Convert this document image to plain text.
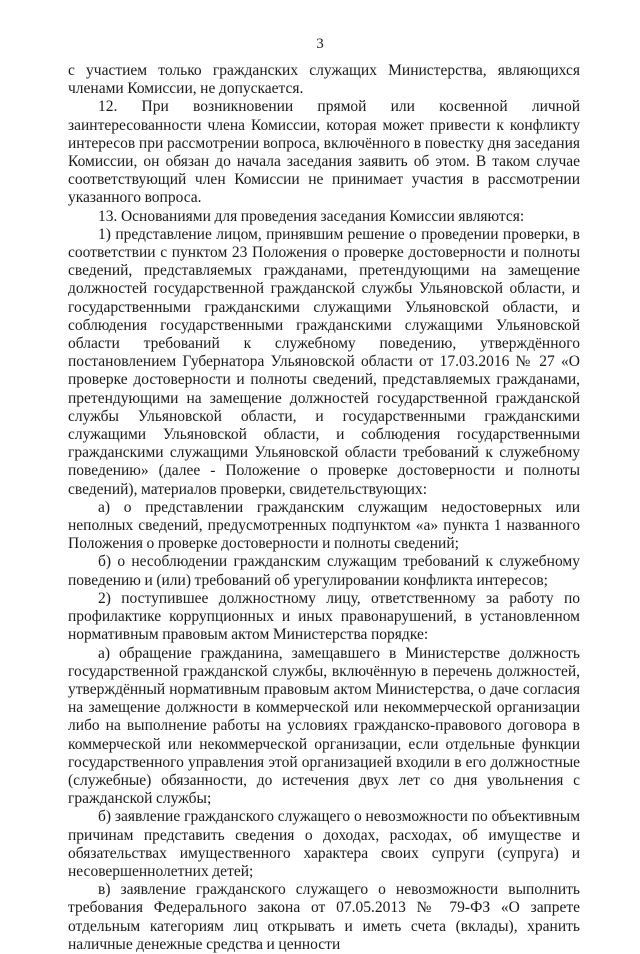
3

с участием только гражданских служащих Министерства, являющихся членами Комиссии, не допускается.

12. При возникновении прямой или косвенной личной заинтересованности члена Комиссии, которая может привести к конфликту интересов при рассмотрении вопроса, включённого в повестку дня заседания Комиссии, он обязан до начала заседания заявить об этом. В таком случае соответствующий член Комиссии не принимает участия в рассмотрении указанного вопроса.

13. Основаниями для проведения заседания Комиссии являются:

1) представление лицом, принявшим решение о проведении проверки, в соответствии с пунктом 23 Положения о проверке достоверности и полноты сведений, представляемых гражданами, претендующими на замещение должностей государственной гражданской службы Ульяновской области, и государственными гражданскими служащими Ульяновской области, и соблюдения государственными гражданскими служащими Ульяновской области требований к служебному поведению, утверждённого постановлением Губернатора Ульяновской области от 17.03.2016 № 27 «О проверке достоверности и полноты сведений, представляемых гражданами, претендующими на замещение должностей государственной гражданской службы Ульяновской области, и государственными гражданскими служащими Ульяновской области, и соблюдения государственными гражданскими служащими Ульяновской области требований к служебному поведению» (далее - Положение о проверке достоверности и полноты сведений), материалов проверки, свидетельствующих:

а) о представлении гражданским служащим недостоверных или неполных сведений, предусмотренных подпунктом «а» пункта 1 названного Положения о проверке достоверности и полноты сведений;

б) о несоблюдении гражданским служащим требований к служебному поведению и (или) требований об урегулировании конфликта интересов;

2) поступившее должностному лицу, ответственному за работу по профилактике коррупционных и иных правонарушений, в установленном нормативным правовым актом Министерства порядке:

а) обращение гражданина, замещавшего в Министерстве должность государственной гражданской службы, включённую в перечень должностей, утверждённый нормативным правовым актом Министерства, о даче согласия на замещение должности в коммерческой или некоммерческой организации либо на выполнение работы на условиях гражданско-правового договора в коммерческой или некоммерческой организации, если отдельные функции государственного управления этой организацией входили в его должностные (служебные) обязанности, до истечения двух лет со дня увольнения с гражданской службы;

б) заявление гражданского служащего о невозможности по объективным причинам представить сведения о доходах, расходах, об имуществе и обязательствах имущественного характера своих супруги (супруга) и несовершеннолетних детей;

в) заявление гражданского служащего о невозможности выполнить требования Федерального закона от 07.05.2013 № 79-ФЗ «О запрете отдельным категориям лиц открывать и иметь счета (вклады), хранить наличные денежные средства и ценности
